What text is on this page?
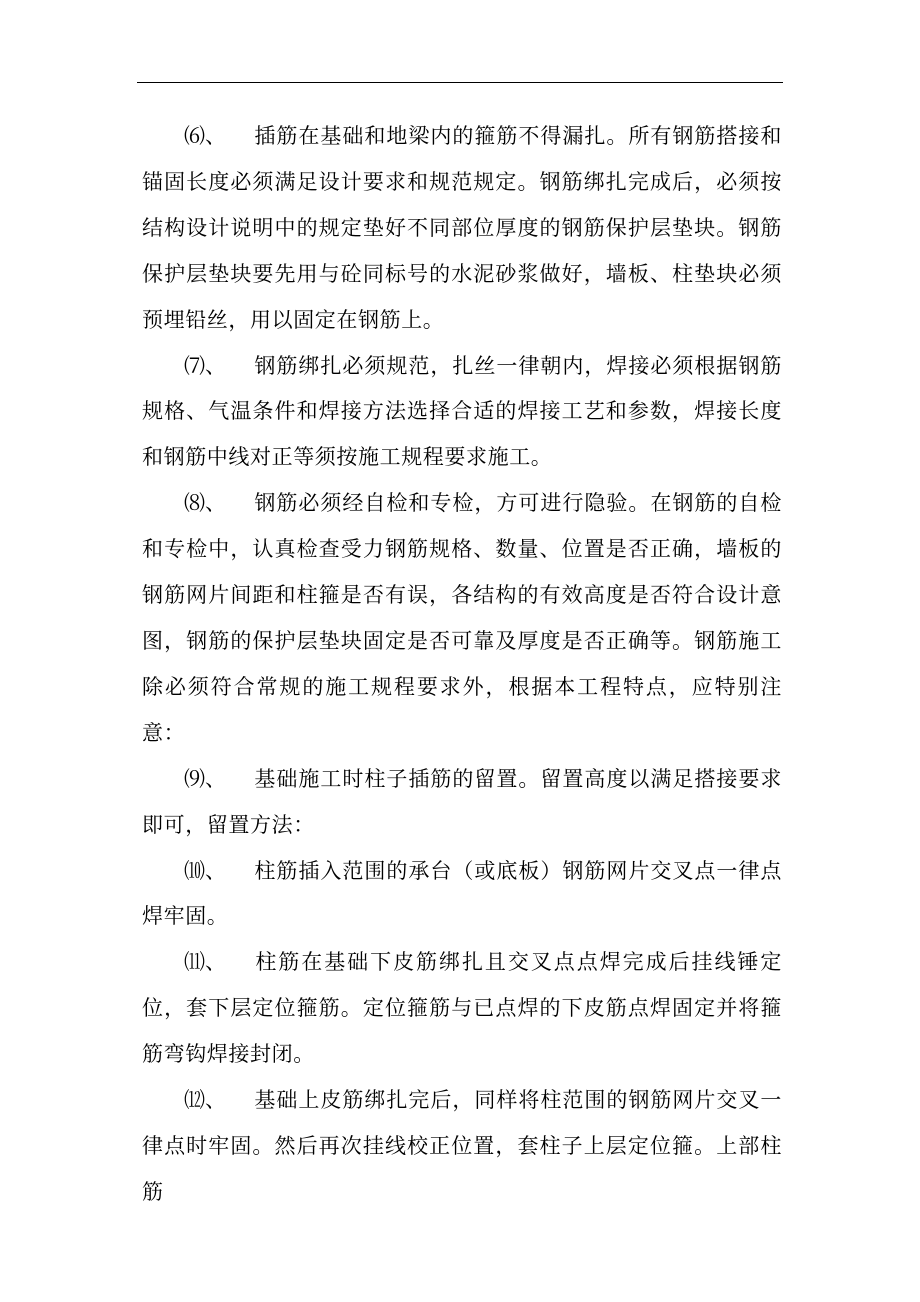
⑹、 插筋在基础和地梁内的箍筋不得漏扎。所有钢筋搭接和锚固长度必须满足设计要求和规范规定。钢筋绑扎完成后，必须按结构设计说明中的规定垫好不同部位厚度的钢筋保护层垫块。钢筋保护层垫块要先用与砼同标号的水泥砂浆做好，墙板、柱垫块必须预埋铅丝，用以固定在钢筋上。

⑺、 钢筋绑扎必须规范，扎丝一律朝内，焊接必须根据钢筋规格、气温条件和焊接方法选择合适的焊接工艺和参数，焊接长度和钢筋中线对正等须按施工规程要求施工。

⑻、 钢筋必须经自检和专检，方可进行隐验。在钢筋的自检和专检中，认真检查受力钢筋规格、数量、位置是否正确，墙板的钢筋网片间距和柱箍是否有误，各结构的有效高度是否符合设计意图，钢筋的保护层垫块固定是否可靠及厚度是否正确等。钢筋施工除必须符合常规的施工规程要求外，根据本工程特点，应特别注意：

⑼、 基础施工时柱子插筋的留置。留置高度以满足搭接要求即可，留置方法：

⑽、 柱筋插入范围的承台（或底板）钢筋网片交叉点一律点焊牢固。

⑾、 柱筋在基础下皮筋绑扎且交叉点点焊完成后挂线锤定位，套下层定位箍筋。定位箍筋与已点焊的下皮筋点焊固定并将箍筋弯钩焊接封闭。

⑿、 基础上皮筋绑扎完后，同样将柱范围的钢筋网片交叉一律点时牢固。然后再次挂线校正位置，套柱子上层定位箍。上部柱筋
